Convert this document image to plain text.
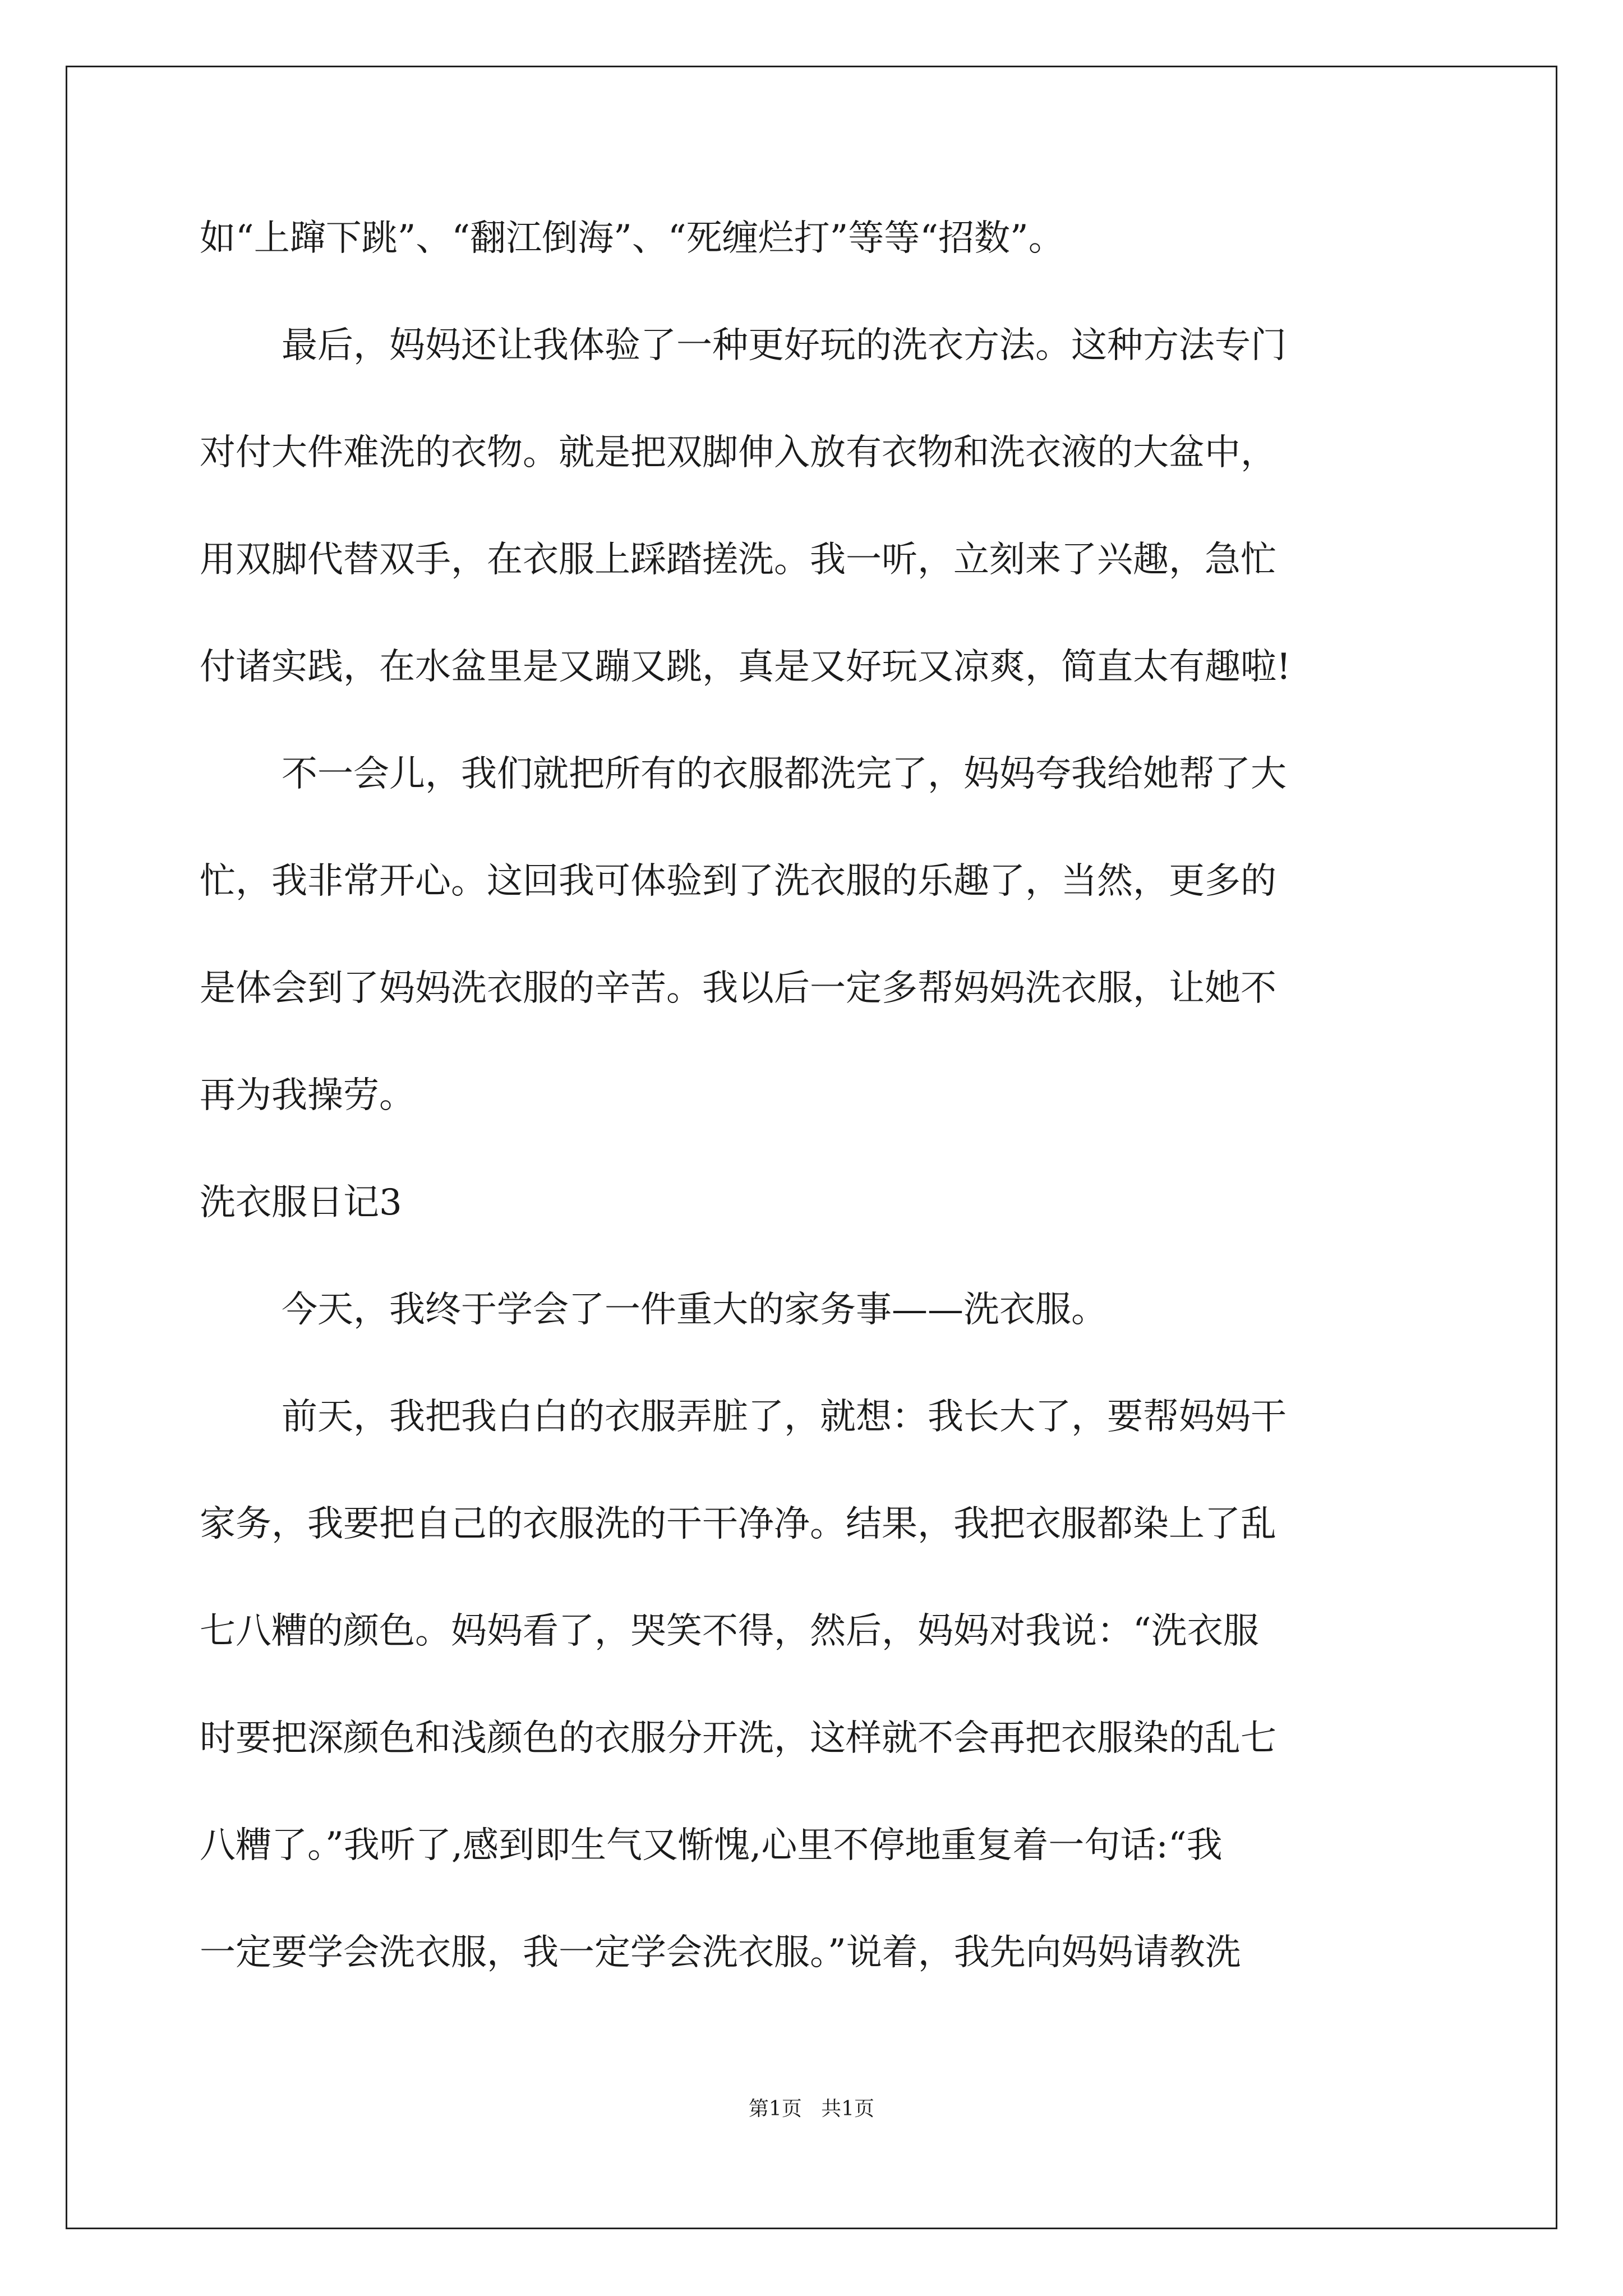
如“上蹿下跳”、“翻江倒海”、“死缠烂打”等等“招数”。
最后，妈妈还让我体验了一种更好玩的洗衣方法。这种方法专门
对付大件难洗的衣物。就是把双脚伸入放有衣物和洗衣液的大盆中，
用双脚代替双手，在衣服上踩踏搓洗。我一听，立刻来了兴趣，急忙
付诸实践，在水盆里是又蹦又跳，真是又好玩又凉爽，简直太有趣啦!
不一会儿，我们就把所有的衣服都洗完了，妈妈夸我给她帮了大
忙，我非常开心。这回我可体验到了洗衣服的乐趣了，当然，更多的
是体会到了妈妈洗衣服的辛苦。我以后一定多帮妈妈洗衣服，让她不
再为我操劳。
洗衣服日记3
今天，我终于学会了一件重大的家务事——洗衣服。
前天，我把我白白的衣服弄脏了，就想：我长大了，要帮妈妈干
家务，我要把自己的衣服洗的干干净净。结果，我把衣服都染上了乱
七八糟的颜色。妈妈看了，哭笑不得，然后，妈妈对我说：“洗衣服
时要把深颜色和浅颜色的衣服分开洗，这样就不会再把衣服染的乱七
八糟了。”我听了,感到即生气又惭愧,心里不停地重复着一句话:“我
一定要学会洗衣服，我一定学会洗衣服。”说着，我先向妈妈请教洗
第1页   共1页
